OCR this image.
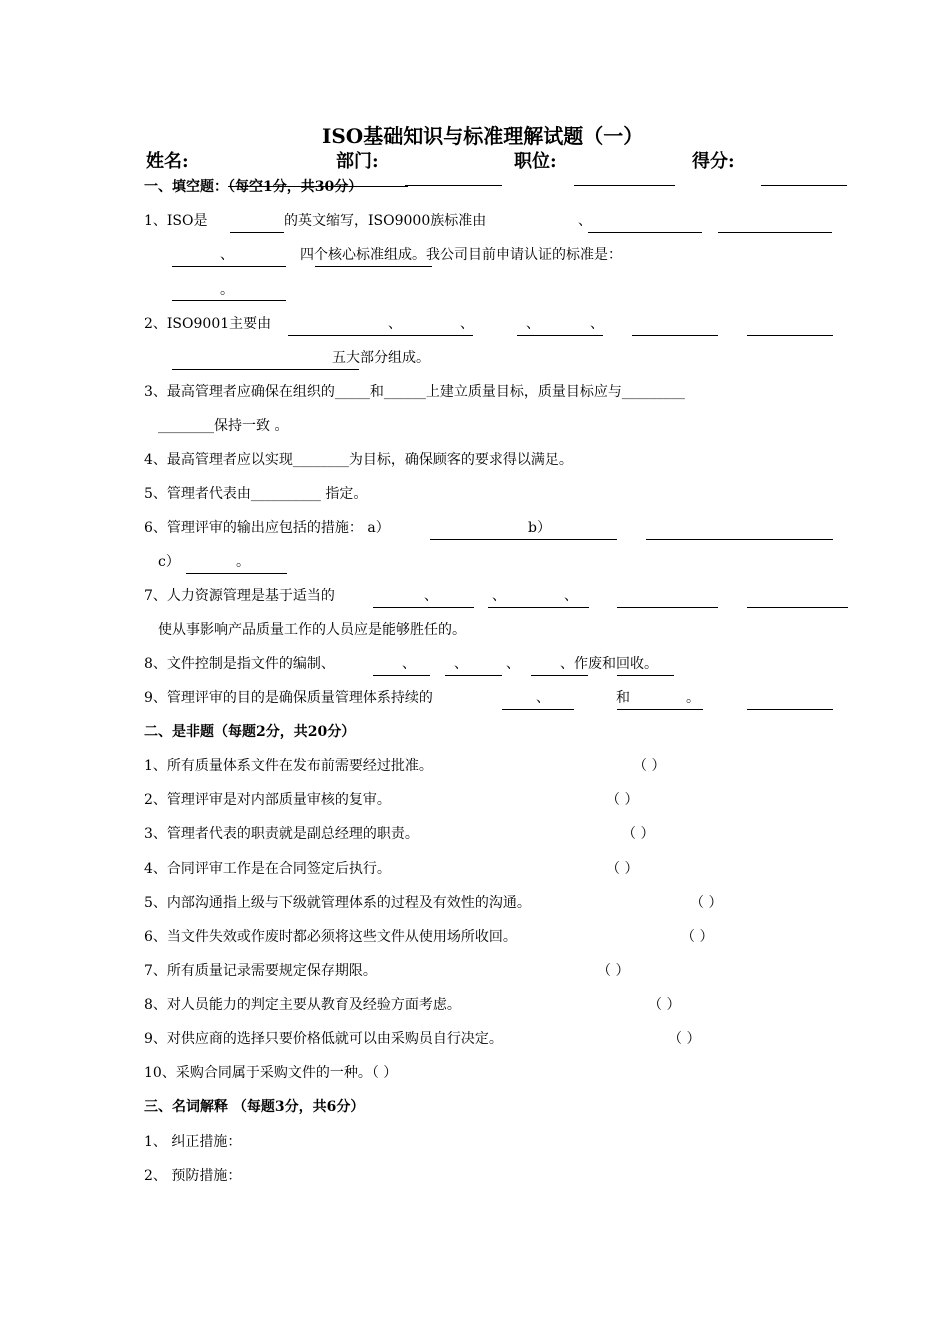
ISO基础知识与标准理解试题（一）
姓名:	部门:	职位:	得分:
一、填空题：（每空1分，共30分）
1、ISO是	的英文缩写，ISO9000族标准由	、
、	四个核心标准组成。我公司目前申请认证的标准是：
。
2、ISO9001主要由	、	、	、	、
五大部分组成。
3、最高管理者应确保在组织的_____和______上建立质量目标，质量目标应与_________
________保持一致 。
4、最高管理者应以实现________为目标，确保顾客的要求得以满足。
5、管理者代表由__________ 指定。
6、管理评审的输出应包括的措施： a）	b）
c）	。
7、人力资源管理是基于适当的	、	、	、
使从事影响产品质量工作的人员应是能够胜任的。
8、文件控制是指文件的编制、	、	、	、	、作废和回收。
9、管理评审的目的是确保质量管理体系持续的	、	和	。
二、是非题（每题2分，共20分）
1、所有质量体系文件在发布前需要经过批准。	（ ）
2、管理评审是对内部质量审核的复审。	（ ）
3、管理者代表的职责就是副总经理的职责。	（ ）
4、合同评审工作是在合同签定后执行。	（ ）
5、内部沟通指上级与下级就管理体系的过程及有效性的沟通。	（ ）
6、当文件失效或作废时都必须将这些文件从使用场所收回。	（ ）
7、所有质量记录需要规定保存期限。	（ ）
8、对人员能力的判定主要从教育及经验方面考虑。	（ ）
9、对供应商的选择只要价格低就可以由采购员自行决定。	（ ）
10、采购合同属于采购文件的一种。（ ）
三、名词解释 （每题3分，共6分）
1、 纠正措施：
2、 预防措施：
